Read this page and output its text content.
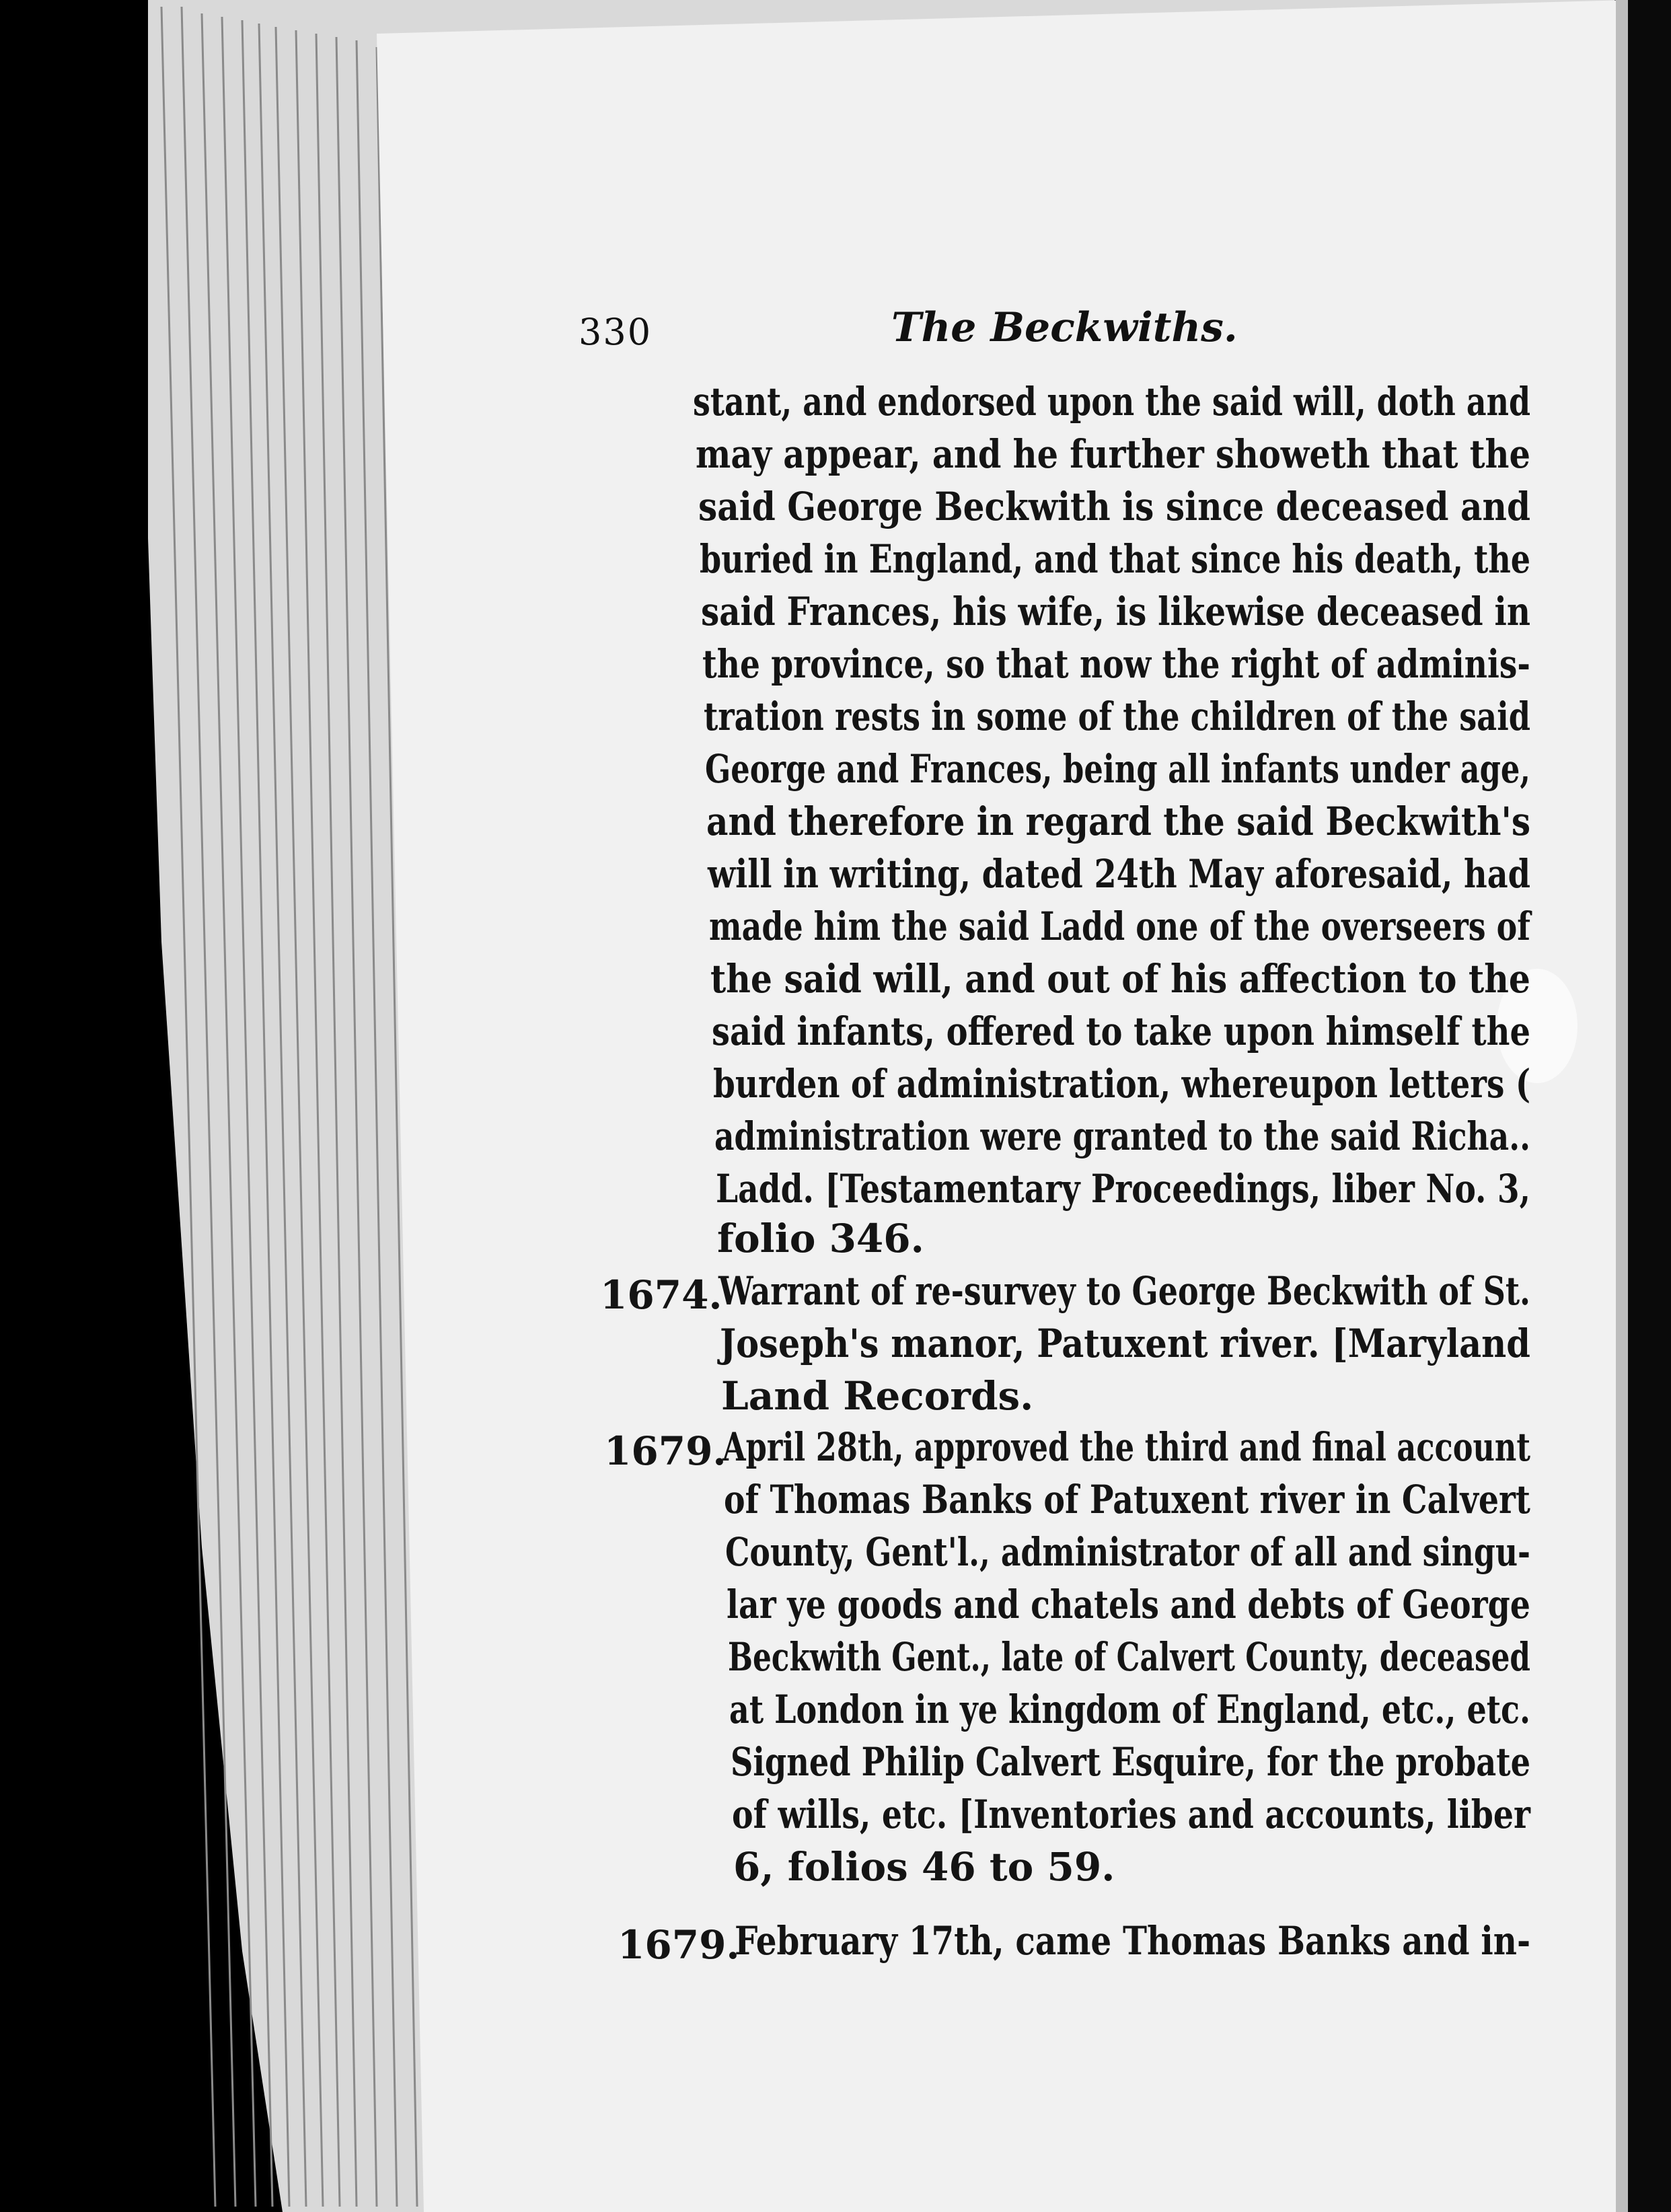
330	The Beckwiths.
stant, and endorsed upon the said will, doth and
may appear, and he further showeth that the
said George Beckwith is since deceased and
buried in England, and that since his death, the
said Frances, his wife, is likewise deceased in
the province, so that now the right of adminis-
tration rests in some of the children of the said
George and Frances, being all infants under age,
and therefore in regard the said Beckwith's
will in writing, dated 24th May aforesaid, had
made him the said Ladd one of the overseers of
the said will, and out of his affection to the
said infants, offered to take upon himself the
burden of administration, whereupon letters (
administration were granted to the said Richa..
Ladd. [Testamentary Proceedings, liber No. 3,
folio 346.
1674.
Warrant of re-survey to George Beckwith of St.
Joseph's manor, Patuxent river. [Maryland
Land Records.
1679.
April 28th, approved the third and final account
of Thomas Banks of Patuxent river in Calvert
County, Gent'l., administrator of all and singu-
lar ye goods and chatels and debts of George
Beckwith Gent., late of Calvert County, deceased
at London in ye kingdom of England, etc., etc.
Signed Philip Calvert Esquire, for the probate
of wills, etc. [Inventories and accounts, liber
6, folios 46 to 59.
1679.
February 17th, came Thomas Banks and in-
